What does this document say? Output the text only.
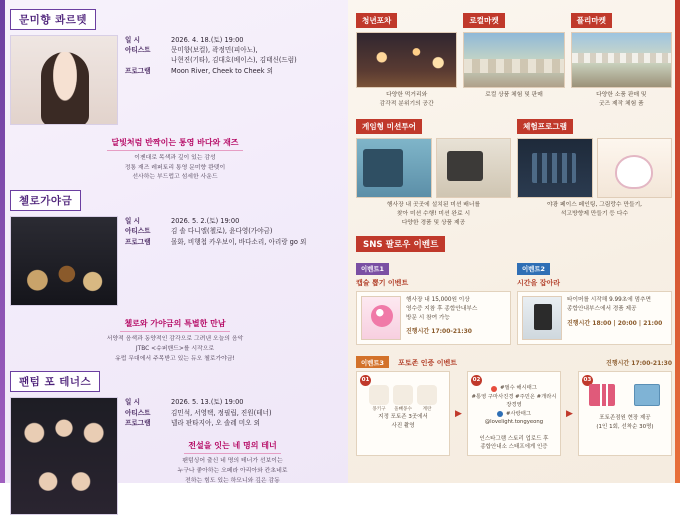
문미향 콰르텟
일 시	2026. 4. 18.(토) 19:00
아티스트	문미향(보컬), 곽정민(피아노),
나현진(기타), 김대호(베이스), 김태신(드럼)
프로그램	Moon River, Cheek to Cheek 외
달빛처럼 반짝이는 통영 바다와 재즈
이젠대로 목색과 깊이 있는 감성
정통 재즈 레퍼토리 통영 문미향 콴텟이
선사하는 부드럽고 섬세한 사운드
첼로가야금
일 시	2026. 5. 2.(토) 19:00
아티스트	김 솔 다니엘(첼로), 윤다영(가야금)
프로그램	몰화, 비행첩 카우보이, 바다소리, 아리랑 go 외
첼로와 가야금의 특별한 만남
서양적 음색과 동양적인 감각으로 그려낸 오늘의 음악
JTBC <슈퍼밴드>를 시작으로
유럽 무대에서 주목받고 있는 듀오 첼로가야금!
팬텀 포 테너스
일 시	2026. 5. 13.(토) 19:00
아티스트	김민석, 서영택, 정필립, 진원(테너)
프로그램	넬라 판타지아, 오 솔레 미오 외
전설을 잇는 네 명의 테너
팬텀싱어 출신 네 명의 테너가 선보이는
누구나 좋아하는 오페라 아리아와 칸초네로
전하는 힘도 있는 하모니와 깊은 감동
청년포차
다양한 먹거리와
감각적 분위기의 공간
로컬마켓
로컬 상품 체험 및 판매
플리마켓
다양한 소품 판매 및
굿즈 제작 체험 품
게임형 미션투어
행사장 내 곳곳에 설치된 미션 배너를
찾아 미션 수행! 미션 완료 시
다양한 경품 및 상품 제공
체험프로그램
야광 페이스 페인팅, 그림랑수 만들기,
석고방향제 만들기 등 다수
SNS 팔로우 이벤트
이벤트1
캡슐 뽑기 이벤트
행사장 내 15,000원 이상
영수증 지참 후 종합안내부스
방문 시 참여 가능
진행시간 17:00-21:30
이벤트2
시간을 잡아라
타이머를 시작해 9.99초에 멈추면
종합안내부스에서 경품 제공
진행시간 18:00 | 20:00 | 21:00
이벤트3 포토존 인증 이벤트	진행시간 17:00-21:30
01
몽키구	올빼몽수	계란
지정 포토존 3곳에서
사진 촬영
▶
02
#필수 해시태그
#통영 구마사진경 #주민온 #개라시장경영
#사랑태그
@lovelight.tongyeong
인스타그램 스토리 업로드 후
종합안내소 스태프에게 인증
▶
03
포토존점원 현장 제공
(1인 1회, 선착순 30명)
